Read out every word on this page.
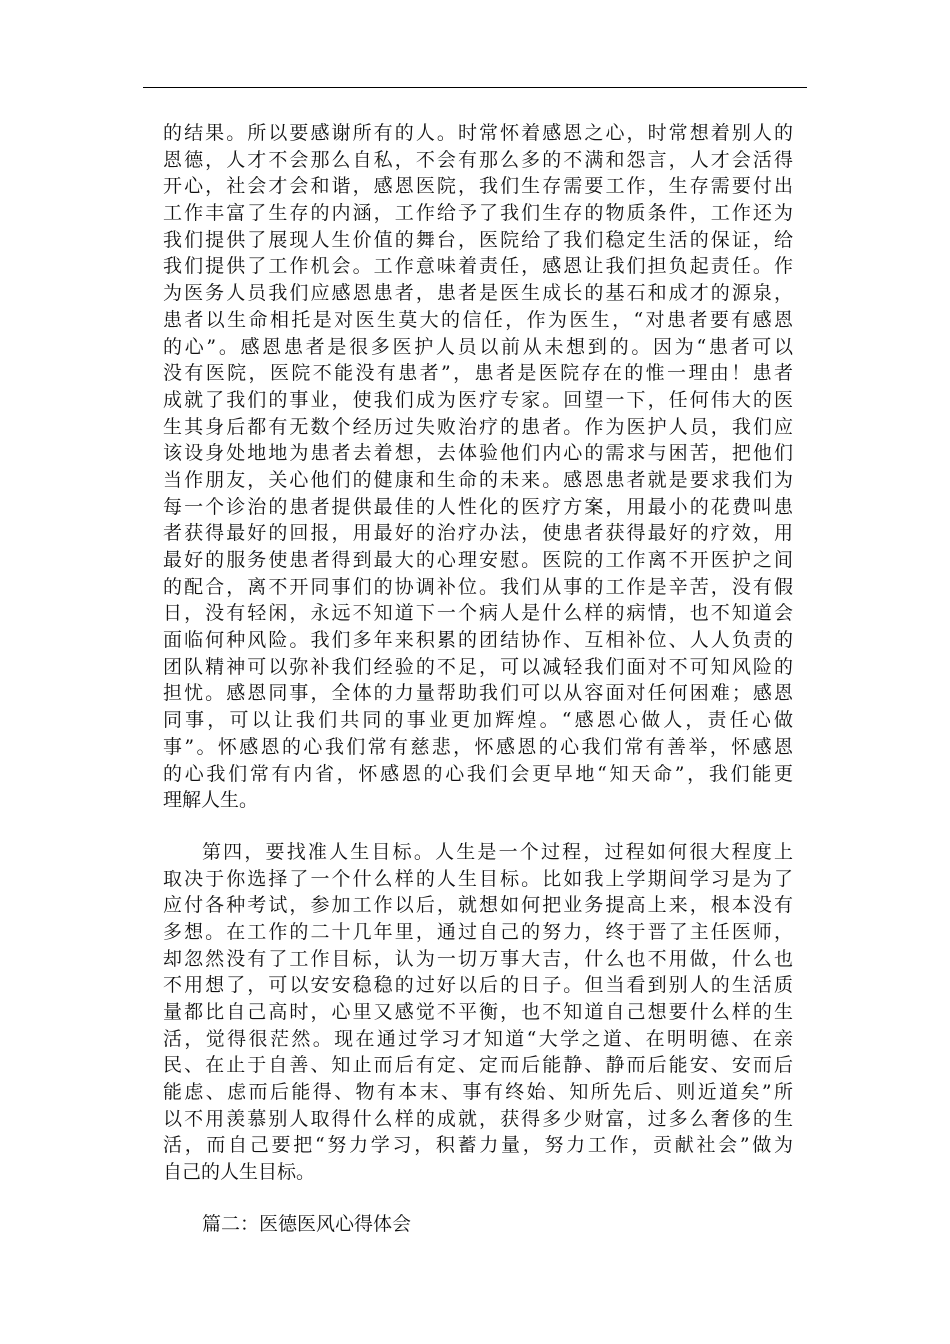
的结果。所以要感谢所有的人。时常怀着感恩之心，时常想着别人的
恩德，人才不会那么自私，不会有那么多的不满和怨言，人才会活得
开心，社会才会和谐，感恩医院，我们生存需要工作，生存需要付出
工作丰富了生存的内涵，工作给予了我们生存的物质条件，工作还为
我们提供了展现人生价值的舞台，医院给了我们稳定生活的保证，给
我们提供了工作机会。工作意味着责任，感恩让我们担负起责任。作
为医务人员我们应感恩患者，患者是医生成长的基石和成才的源泉，
患者以生命相托是对医生莫大的信任，作为医生，“对患者要有感恩
的心”。感恩患者是很多医护人员以前从未想到的。因为“患者可以
没有医院，医院不能没有患者”，患者是医院存在的惟一理由！患者
成就了我们的事业，使我们成为医疗专家。回望一下，任何伟大的医
生其身后都有无数个经历过失败治疗的患者。作为医护人员，我们应
该设身处地地为患者去着想，去体验他们内心的需求与困苦，把他们
当作朋友，关心他们的健康和生命的未来。感恩患者就是要求我们为
每一个诊治的患者提供最佳的人性化的医疗方案，用最小的花费叫患
者获得最好的回报，用最好的治疗办法，使患者获得最好的疗效，用
最好的服务使患者得到最大的心理安慰。医院的工作离不开医护之间
的配合，离不开同事们的协调补位。我们从事的工作是辛苦，没有假
日，没有轻闲，永远不知道下一个病人是什么样的病情，也不知道会
面临何种风险。我们多年来积累的团结协作、互相补位、人人负责的
团队精神可以弥补我们经验的不足，可以减轻我们面对不可知风险的
担忧。感恩同事，全体的力量帮助我们可以从容面对任何困难；感恩
同事，可以让我们共同的事业更加辉煌。“感恩心做人，责任心做
事”。怀感恩的心我们常有慈悲，怀感恩的心我们常有善举，怀感恩
的心我们常有内省，怀感恩的心我们会更早地“知天命”，我们能更
理解人生。
第四，要找准人生目标。人生是一个过程，过程如何很大程度上
取决于你选择了一个什么样的人生目标。比如我上学期间学习是为了
应付各种考试，参加工作以后，就想如何把业务提高上来，根本没有
多想。在工作的二十几年里，通过自己的努力，终于晋了主任医师，
却忽然没有了工作目标，认为一切万事大吉，什么也不用做，什么也
不用想了，可以安安稳稳的过好以后的日子。但当看到别人的生活质
量都比自己高时，心里又感觉不平衡，也不知道自己想要什么样的生
活，觉得很茫然。现在通过学习才知道“大学之道、在明明德、在亲
民、在止于自善、知止而后有定、定而后能静、静而后能安、安而后
能虑、虑而后能得、物有本末、事有终始、知所先后、则近道矣”所
以不用羡慕别人取得什么样的成就，获得多少财富，过多么奢侈的生
活，而自己要把“努力学习，积蓄力量，努力工作，贡献社会”做为
自己的人生目标。
篇二：医德医风心得体会
